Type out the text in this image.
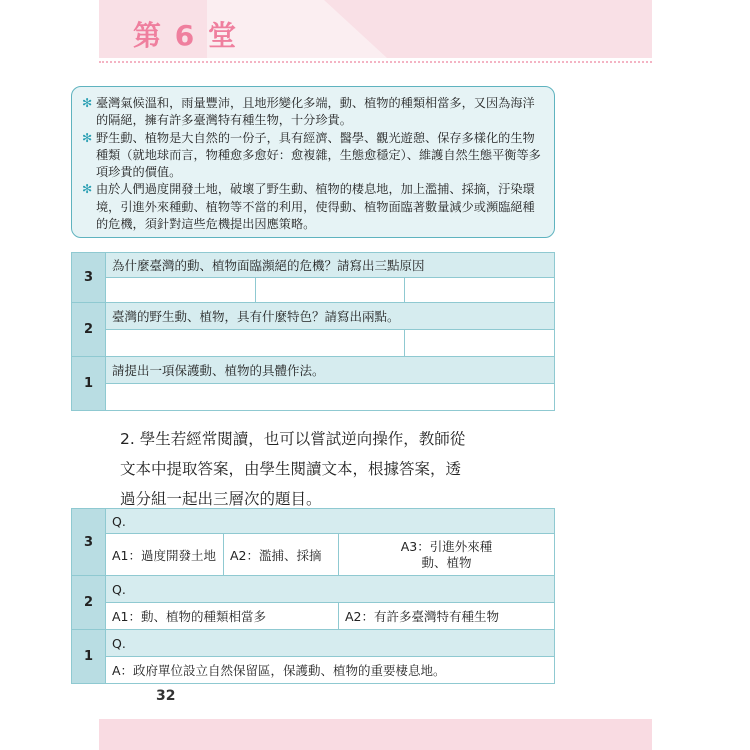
第 6 堂

✻ 臺灣氣候溫和，雨量豐沛，且地形變化多端，動、植物的種類相當多，又因為海洋的隔絕，擁有許多臺灣特有種生物，十分珍貴。

✻ 野生動、植物是大自然的一份子，具有經濟、醫學、觀光遊憩、保存多樣化的生物種類（就地球而言，物種愈多愈好：愈複雜，生態愈穩定）、維護自然生態平衡等多項珍貴的價值。

✻ 由於人們過度開發土地，破壞了野生動、植物的棲息地，加上濫捕、採摘，汙染環境，引進外來種動、植物等不當的利用，使得動、植物面臨著數量減少或瀕臨絕種的危機，須針對這些危機提出因應策略。

3	為什麼臺灣的動、植物面臨瀕絕的危機？請寫出三點原因		

2	臺灣的野生動、植物，具有什麼特色？請寫出兩點。		

1	請提出一項保護動、植物的具體作法。		

2. 學生若經常閱讀，也可以嘗試逆向操作，教師從

文本中提取答案，由學生閱讀文本，根據答案，透

過分組一起出三層次的題目。

3	Q.		
	A1：過度開發土地	A2：濫捕、採摘	A3：引進外來種
動、植物

2	Q.		
	A1：動、植物的種類相當多		A2：有許多臺灣特有種生物
1	Q.		
	A：政府單位設立自然保留區，保護動、植物的重要棲息地。		
32
